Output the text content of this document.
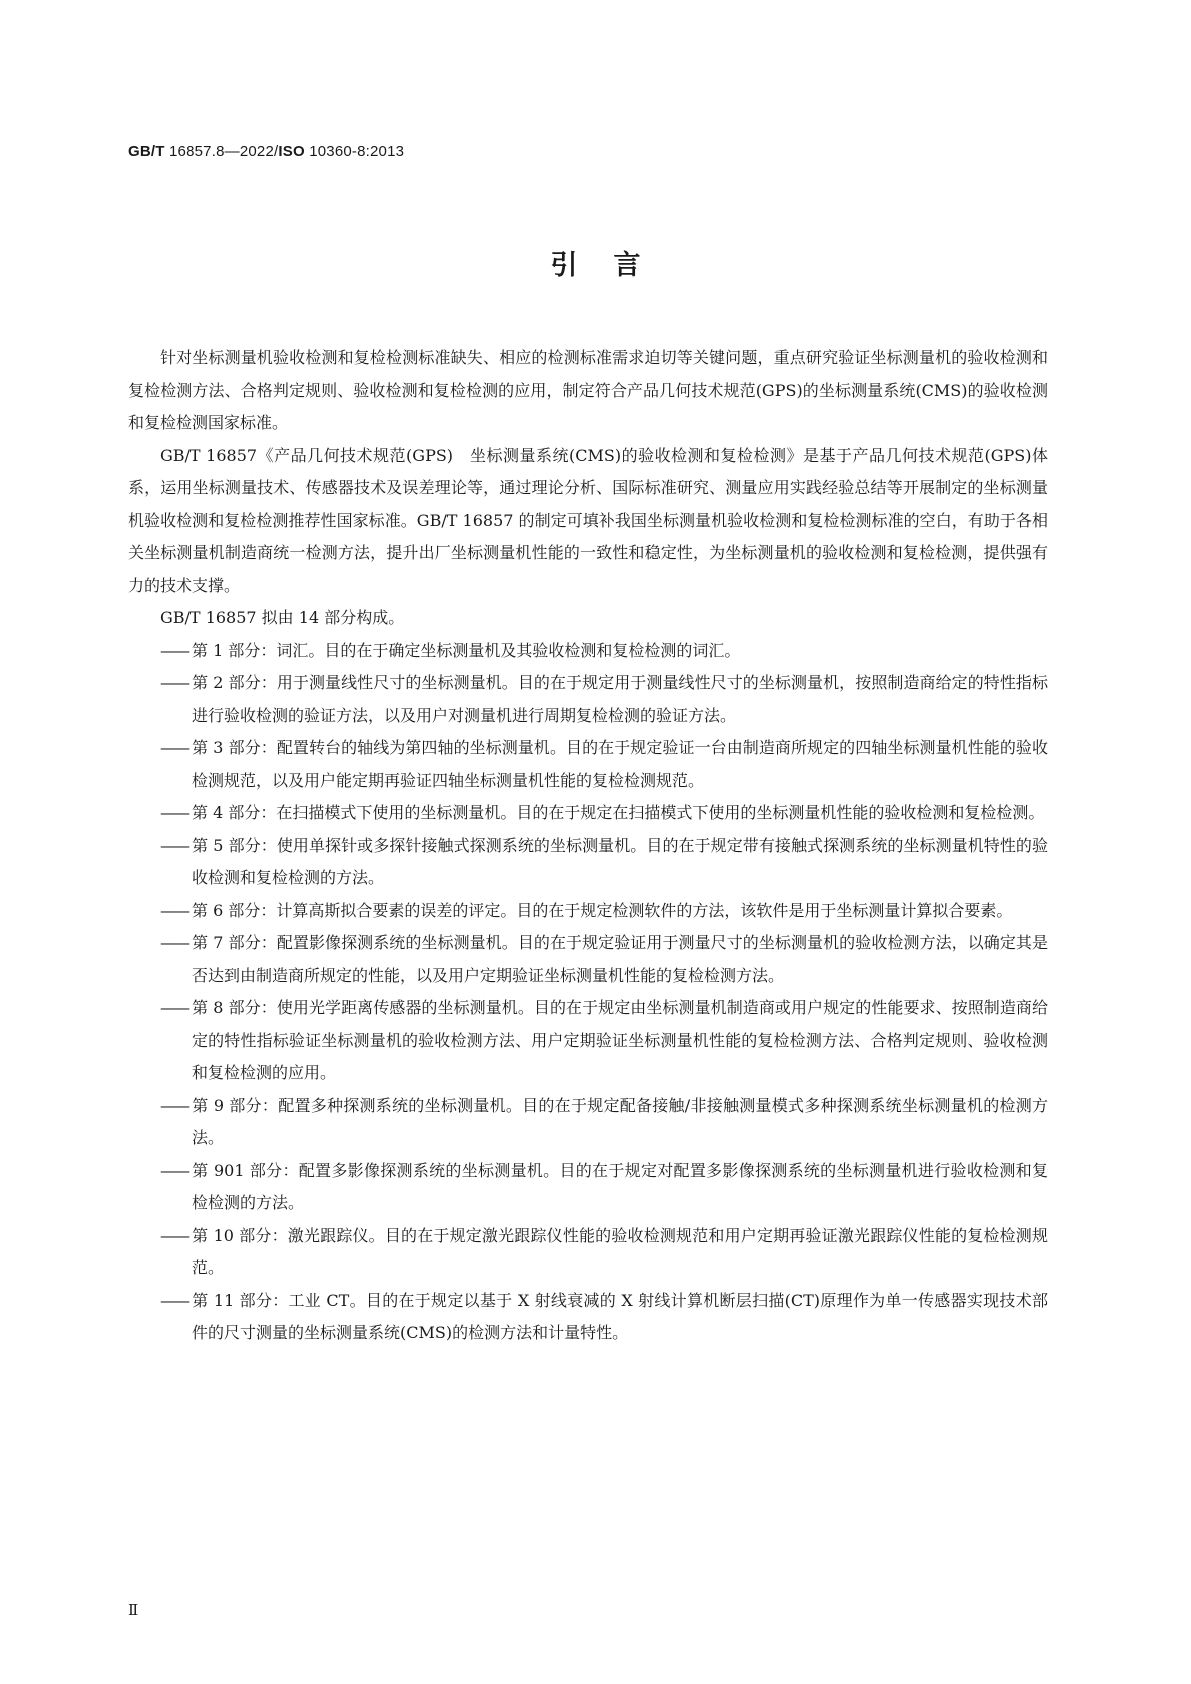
GB/T 16857.8—2022/ISO 10360-8:2013
引言

针对坐标测量机验收检测和复检检测标准缺失、相应的检测标准需求迫切等关键问题，重点研究验证坐标测量机的验收检测和复检检测方法、合格判定规则、验收检测和复检检测的应用，制定符合产品几何技术规范(GPS)的坐标测量系统(CMS)的验收检测和复检检测国家标准。

GB/T 16857《产品几何技术规范(GPS)　坐标测量系统(CMS)的验收检测和复检检测》是基于产品几何技术规范(GPS)体系，运用坐标测量技术、传感器技术及误差理论等，通过理论分析、国际标准研究、测量应用实践经验总结等开展制定的坐标测量机验收检测和复检检测推荐性国家标准。GB/T 16857 的制定可填补我国坐标测量机验收检测和复检检测标准的空白，有助于各相关坐标测量机制造商统一检测方法，提升出厂坐标测量机性能的一致性和稳定性，为坐标测量机的验收检测和复检检测，提供强有力的技术支撑。

GB/T 16857 拟由 14 部分构成。

—— 第 1 部分：词汇。目的在于确定坐标测量机及其验收检测和复检检测的词汇。

—— 第 2 部分：用于测量线性尺寸的坐标测量机。目的在于规定用于测量线性尺寸的坐标测量机，按照制造商给定的特性指标进行验收检测的验证方法，以及用户对测量机进行周期复检检测的验证方法。

—— 第 3 部分：配置转台的轴线为第四轴的坐标测量机。目的在于规定验证一台由制造商所规定的四轴坐标测量机性能的验收检测规范，以及用户能定期再验证四轴坐标测量机性能的复检检测规范。

—— 第 4 部分：在扫描模式下使用的坐标测量机。目的在于规定在扫描模式下使用的坐标测量机性能的验收检测和复检检测。

—— 第 5 部分：使用单探针或多探针接触式探测系统的坐标测量机。目的在于规定带有接触式探测系统的坐标测量机特性的验收检测和复检检测的方法。

—— 第 6 部分：计算高斯拟合要素的误差的评定。目的在于规定检测软件的方法，该软件是用于坐标测量计算拟合要素。

—— 第 7 部分：配置影像探测系统的坐标测量机。目的在于规定验证用于测量尺寸的坐标测量机的验收检测方法，以确定其是否达到由制造商所规定的性能，以及用户定期验证坐标测量机性能的复检检测方法。

—— 第 8 部分：使用光学距离传感器的坐标测量机。目的在于规定由坐标测量机制造商或用户规定的性能要求、按照制造商给定的特性指标验证坐标测量机的验收检测方法、用户定期验证坐标测量机性能的复检检测方法、合格判定规则、验收检测和复检检测的应用。

—— 第 9 部分：配置多种探测系统的坐标测量机。目的在于规定配备接触/非接触测量模式多种探测系统坐标测量机的检测方法。

—— 第 901 部分：配置多影像探测系统的坐标测量机。目的在于规定对配置多影像探测系统的坐标测量机进行验收检测和复检检测的方法。

—— 第 10 部分：激光跟踪仪。目的在于规定激光跟踪仪性能的验收检测规范和用户定期再验证激光跟踪仪性能的复检检测规范。

—— 第 11 部分：工业 CT。目的在于规定以基于 X 射线衰减的 X 射线计算机断层扫描(CT)原理作为单一传感器实现技术部件的尺寸测量的坐标测量系统(CMS)的检测方法和计量特性。

Ⅱ
